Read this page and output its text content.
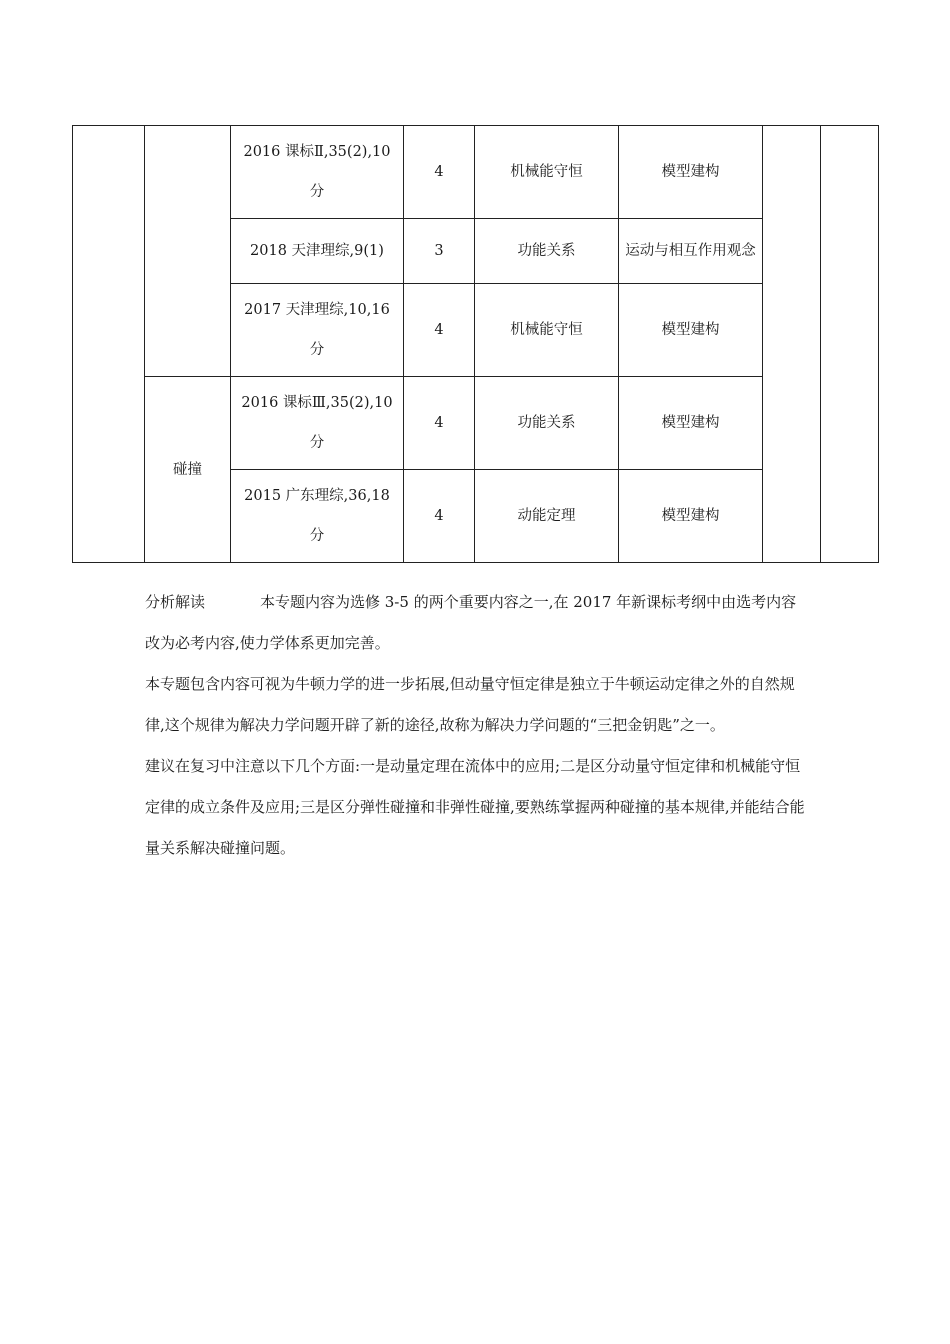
		2016 课标Ⅱ,35(2),10 分	4	机械能守恒	模型建构		
		2018 天津理综,9(1)	3	功能关系	运动与相互作用观念		
		2017 天津理综,10,16 分	4	机械能守恒	模型建构		
	碰撞	2016 课标Ⅲ,35(2),10 分	4	功能关系	模型建构		
		2015 广东理综,36,18 分	4	动能定理	模型建构		

分析解读	本专题内容为选修 3-5 的两个重要内容之一,在 2017 年新课标考纲中由选考内容改为必考内容,使力学体系更加完善。

本专题包含内容可视为牛顿力学的进一步拓展,但动量守恒定律是独立于牛顿运动定律之外的自然规律,这个规律为解决力学问题开辟了新的途径,故称为解决力学问题的“三把金钥匙”之一。

建议在复习中注意以下几个方面:一是动量定理在流体中的应用;二是区分动量守恒定律和机械能守恒定律的成立条件及应用;三是区分弹性碰撞和非弹性碰撞,要熟练掌握两种碰撞的基本规律,并能结合能量关系解决碰撞问题。
